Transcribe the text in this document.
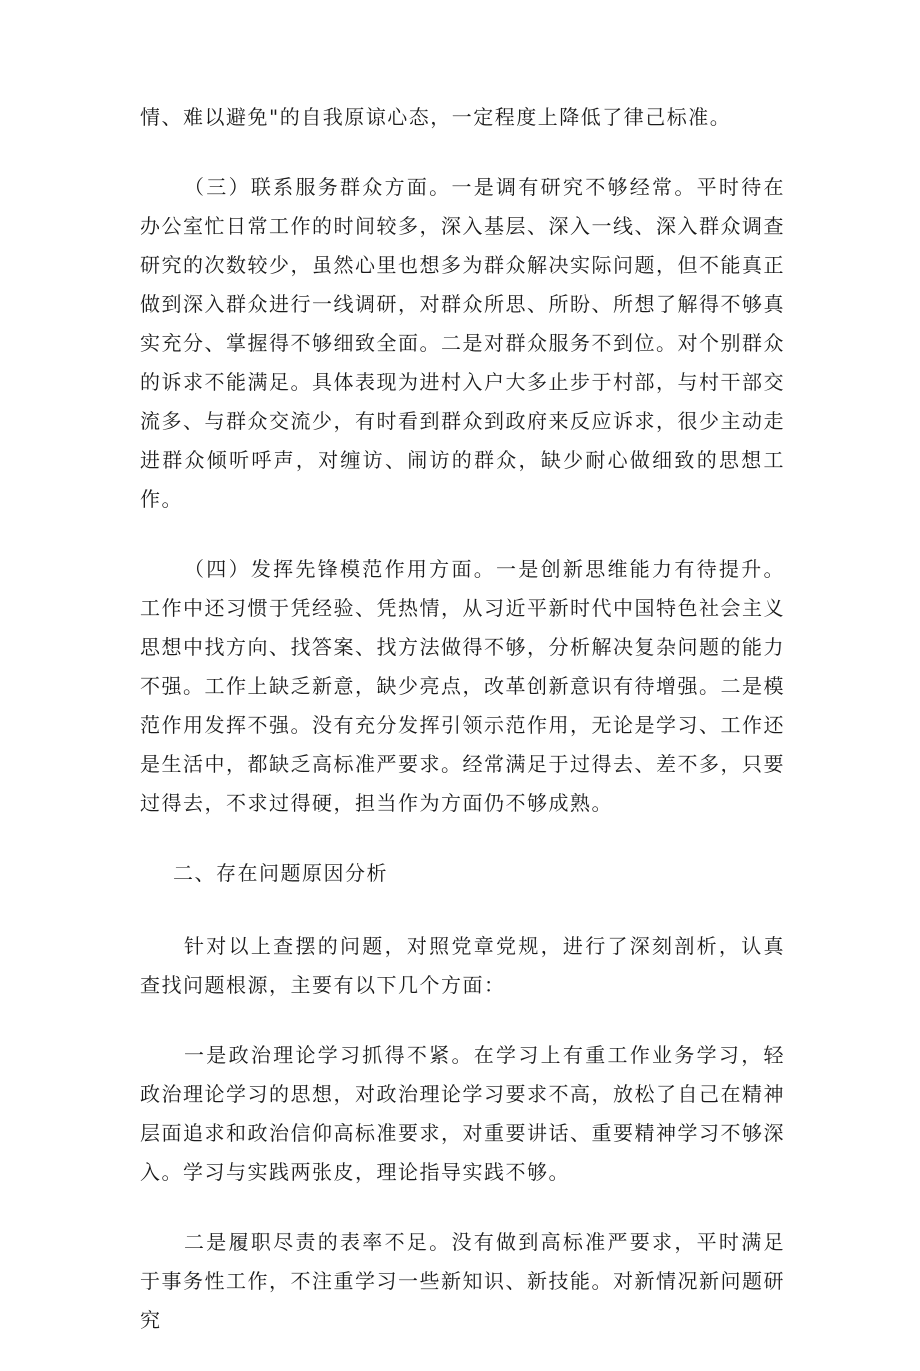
情、难以避免"的自我原谅心态，一定程度上降低了律己标准。

（三）联系服务群众方面。一是调有研究不够经常。平时待在办公室忙日常工作的时间较多，深入基层、深入一线、深入群众调查研究的次数较少，虽然心里也想多为群众解决实际问题，但不能真正做到深入群众进行一线调研，对群众所思、所盼、所想了解得不够真实充分、掌握得不够细致全面。二是对群众服务不到位。对个别群众的诉求不能满足。具体表现为进村入户大多止步于村部，与村干部交流多、与群众交流少，有时看到群众到政府来反应诉求，很少主动走进群众倾听呼声，对缠访、闹访的群众，缺少耐心做细致的思想工作。

（四）发挥先锋模范作用方面。一是创新思维能力有待提升。工作中还习惯于凭经验、凭热情，从习近平新时代中国特色社会主义思想中找方向、找答案、找方法做得不够，分析解决复杂问题的能力不强。工作上缺乏新意，缺少亮点，改革创新意识有待增强。二是模范作用发挥不强。没有充分发挥引领示范作用，无论是学习、工作还是生活中，都缺乏高标准严要求。经常满足于过得去、差不多，只要过得去，不求过得硬，担当作为方面仍不够成熟。

二、存在问题原因分析

针对以上查摆的问题，对照党章党规，进行了深刻剖析，认真查找问题根源，主要有以下几个方面：

一是政治理论学习抓得不紧。在学习上有重工作业务学习，轻政治理论学习的思想，对政治理论学习要求不高，放松了自己在精神层面追求和政治信仰高标准要求，对重要讲话、重要精神学习不够深入。学习与实践两张皮，理论指导实践不够。

二是履职尽责的表率不足。没有做到高标准严要求，平时满足于事务性工作，不注重学习一些新知识、新技能。对新情况新问题研究
